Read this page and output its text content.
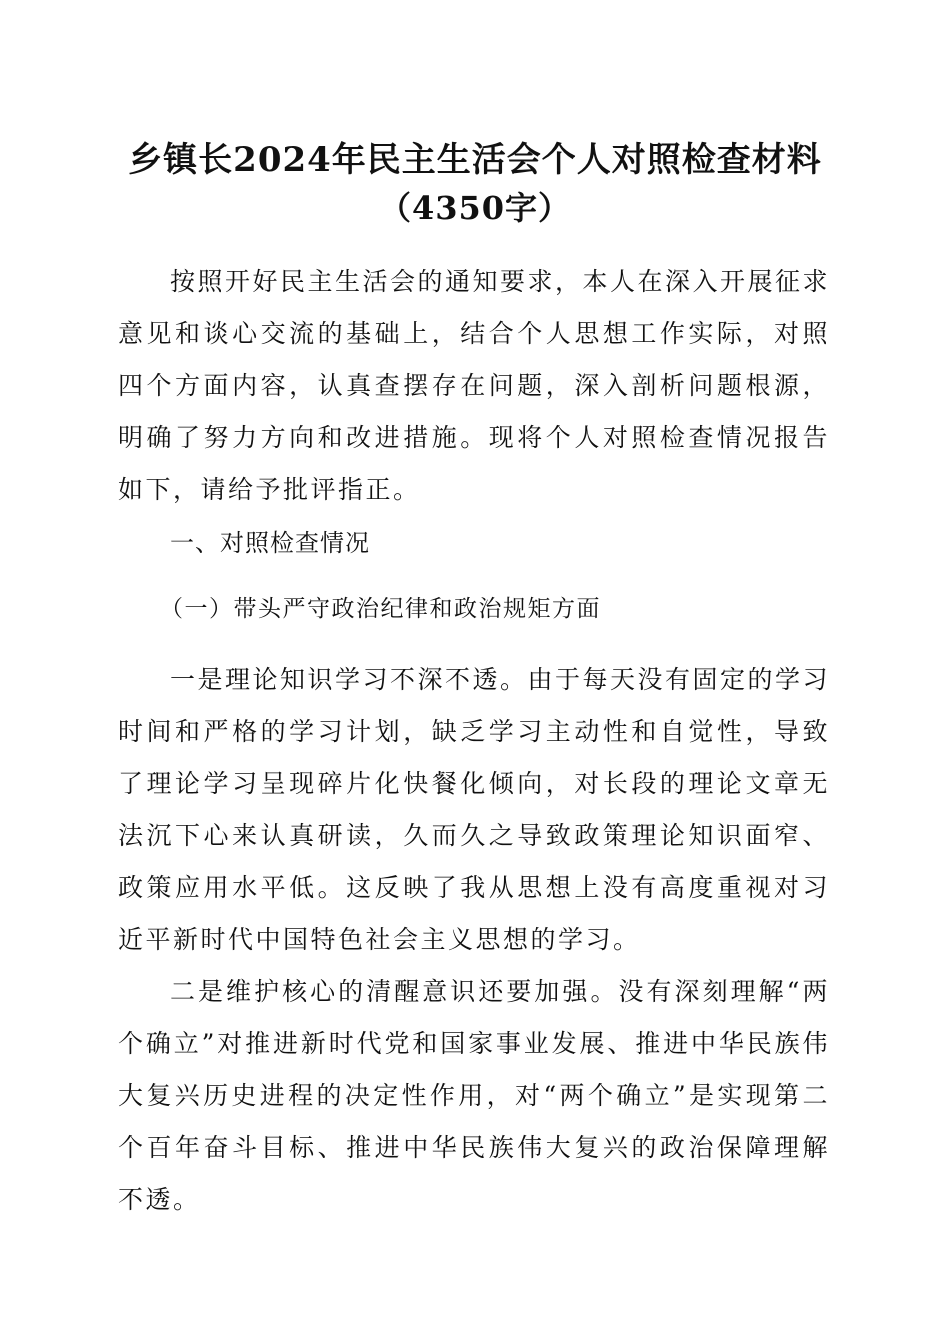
乡镇长2024年民主生活会个人对照检查材料
（4350字）

按照开好民主生活会的通知要求，本人在深入开展征求意见和谈心交流的基础上，结合个人思想工作实际，对照四个方面内容，认真查摆存在问题，深入剖析问题根源，明确了努力方向和改进措施。现将个人对照检查情况报告如下，请给予批评指正。

一、对照检查情况

（一）带头严守政治纪律和政治规矩方面

一是理论知识学习不深不透。由于每天没有固定的学习时间和严格的学习计划，缺乏学习主动性和自觉性，导致了理论学习呈现碎片化快餐化倾向，对长段的理论文章无法沉下心来认真研读，久而久之导致政策理论知识面窄、政策应用水平低。这反映了我从思想上没有高度重视对习近平新时代中国特色社会主义思想的学习。

二是维护核心的清醒意识还要加强。没有深刻理解“两个确立”对推进新时代党和国家事业发展、推进中华民族伟大复兴历史进程的决定性作用，对“两个确立”是实现第二个百年奋斗目标、推进中华民族伟大复兴的政治保障理解不透。
